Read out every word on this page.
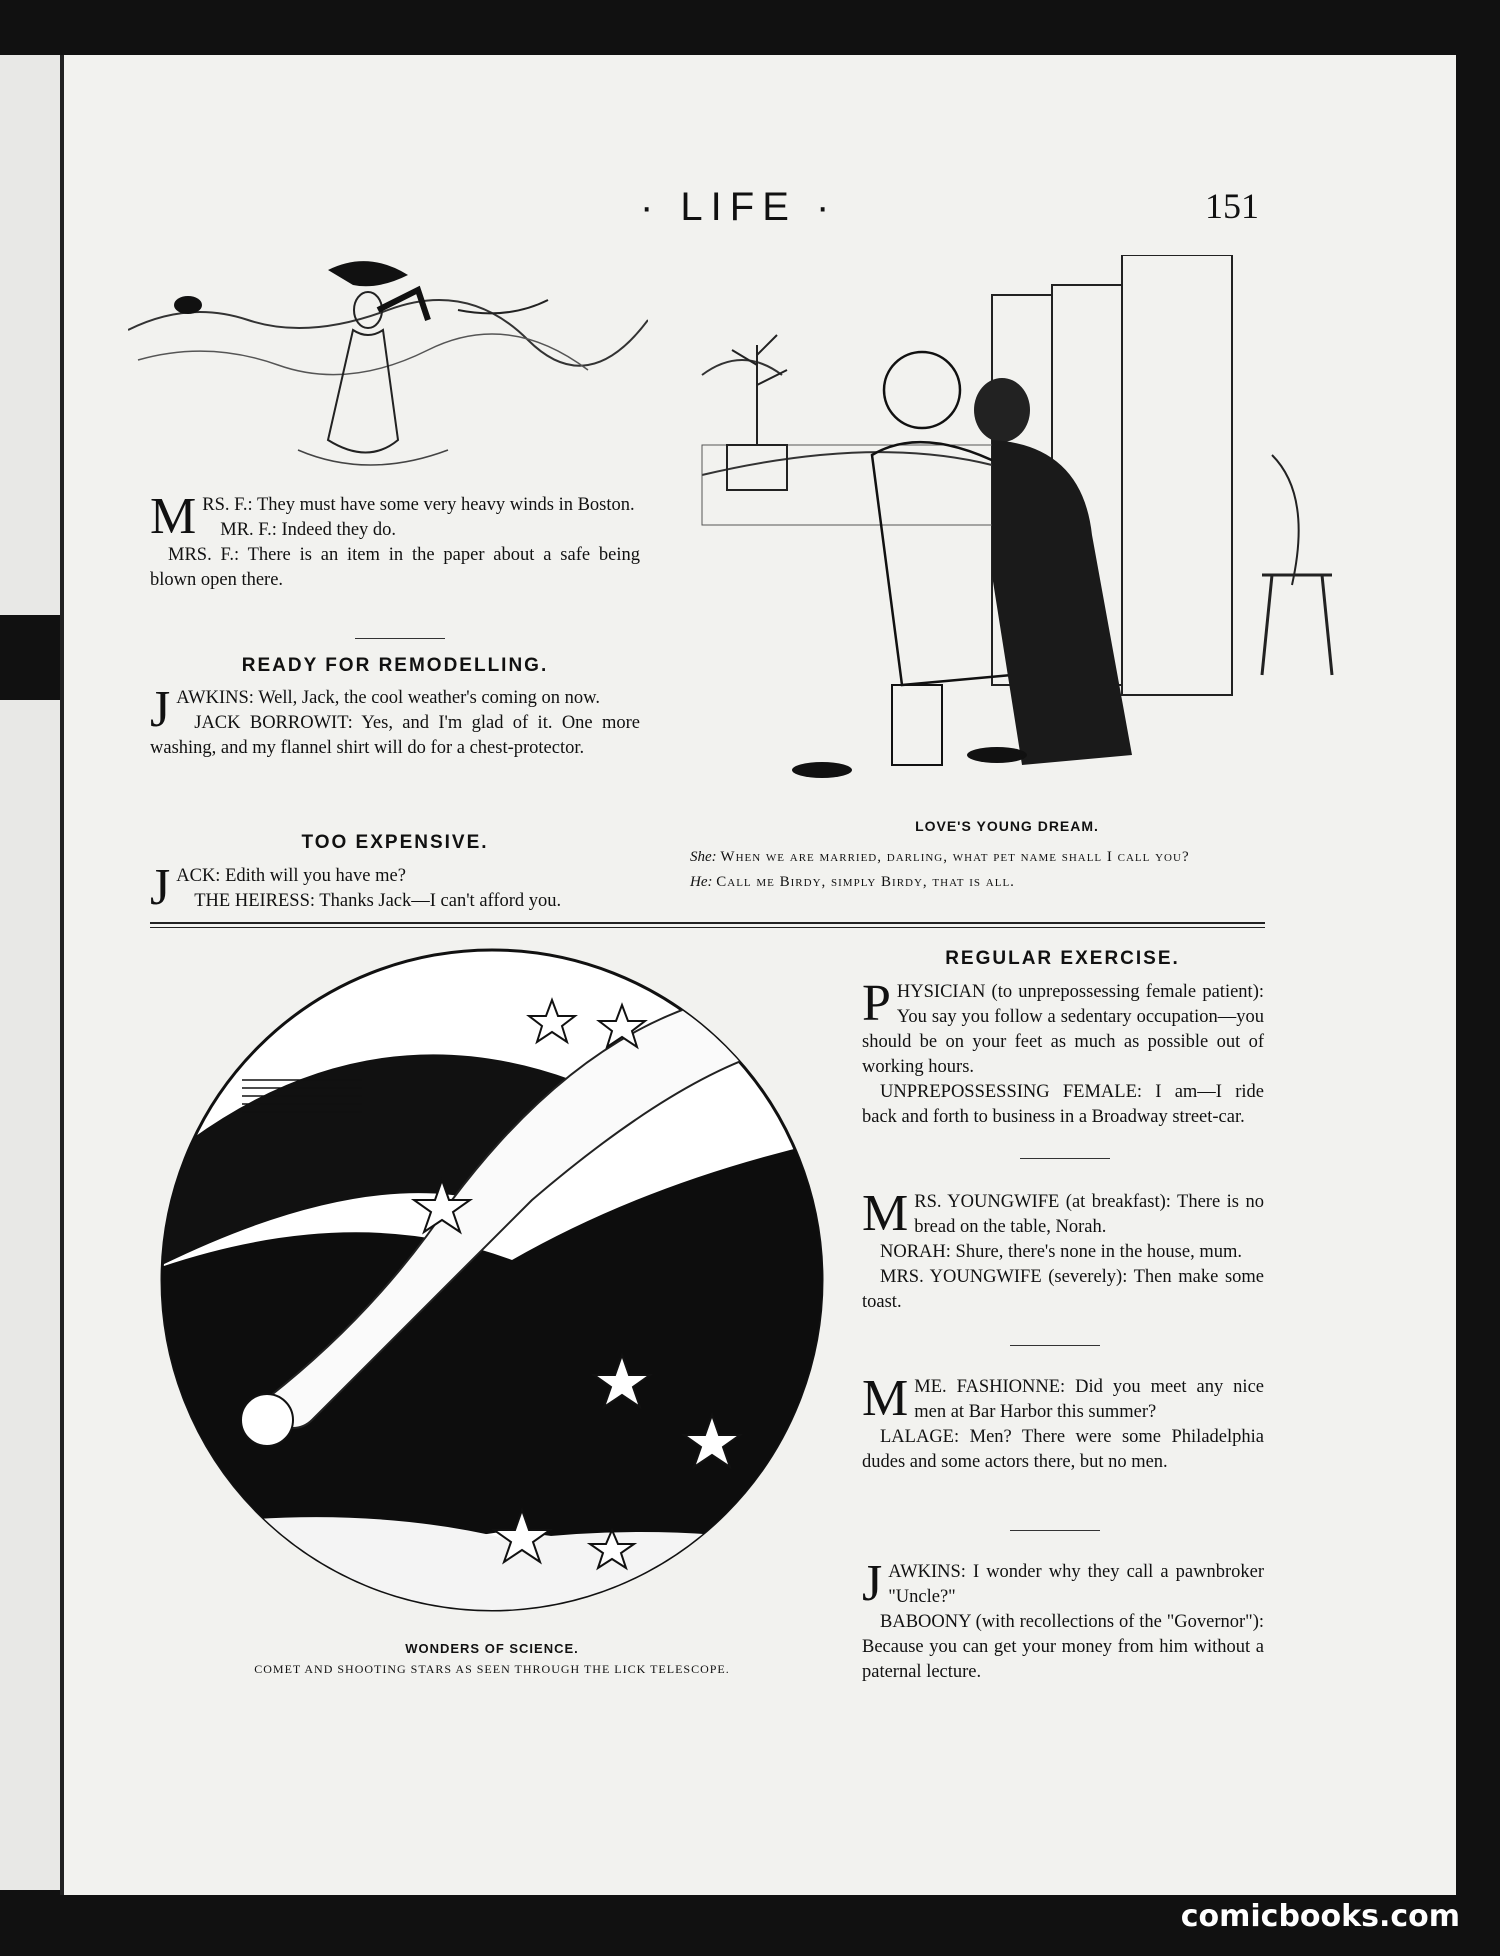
· LIFE ·	151

MRS. F.: They must have some very heavy winds in Boston.

MR. F.: Indeed they do.

MRS. F.: There is an item in the paper about a safe being blown open there.

READY FOR REMODELLING.

JAWKINS: Well, Jack, the cool weather's coming on now.

JACK BORROWIT: Yes, and I'm glad of it. One more washing, and my flannel shirt will do for a chest-protector.

TOO EXPENSIVE.

JACK: Edith will you have me?

THE HEIRESS: Thanks Jack—I can't afford you.

LOVE'S YOUNG DREAM.
She: When we are married, darling, what pet name shall I call you?
He: Call me Birdy, simply Birdy, that is all.
WONDERS OF SCIENCE.
COMET AND SHOOTING STARS AS SEEN THROUGH THE LICK TELESCOPE.
REGULAR EXERCISE.

PHYSICIAN (to unprepossessing female patient): You say you follow a sedentary occupation—you should be on your feet as much as possible out of working hours.

UNPREPOSSESSING FEMALE: I am—I ride back and forth to business in a Broadway street-car.

MRS. YOUNGWIFE (at breakfast): There is no bread on the table, Norah.

NORAH: Shure, there's none in the house, mum.

MRS. YOUNGWIFE (severely): Then make some toast.

MME. FASHIONNE: Did you meet any nice men at Bar Harbor this summer?

LALAGE: Men? There were some Philadelphia dudes and some actors there, but no men.

JAWKINS: I wonder why they call a pawnbroker "Uncle?"

BABOONY (with recollections of the "Governor"): Because you can get your money from him without a paternal lecture.

comicbooks.com
